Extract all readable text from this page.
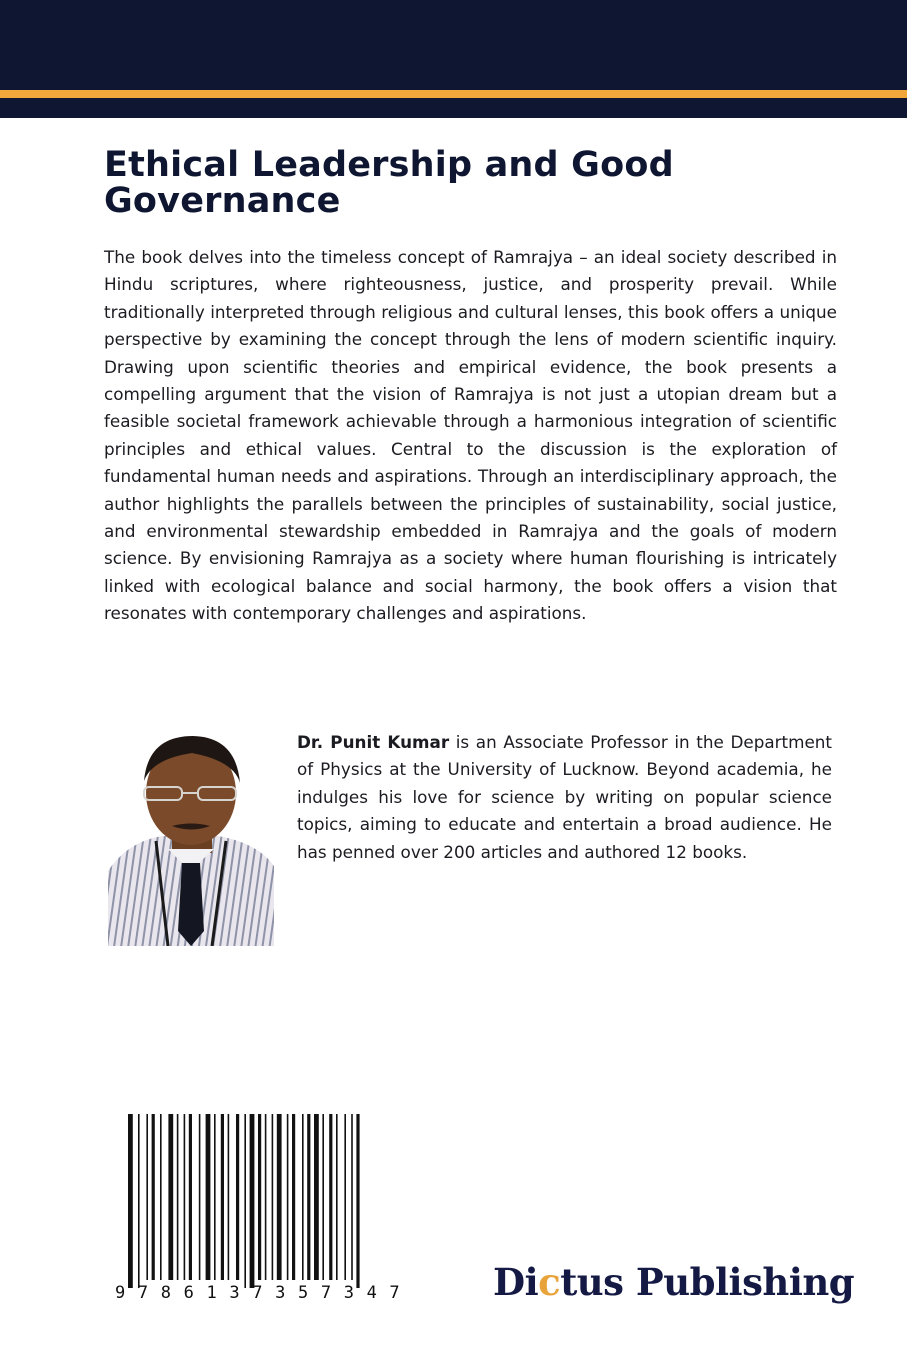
Ethical Leadership and Good
Governance

The book delves into the timeless concept of Ramrajya – an ideal society described in Hindu scriptures, where righteousness, justice, and prosperity prevail. While traditionally interpreted through religious and cultural lenses, this book offers a unique perspective by examining the concept through the lens of modern scientific inquiry. Drawing upon scientific theories and empirical evidence, the book presents a compelling argument that the vision of Ramrajya is not just a utopian dream but a feasible societal framework achievable through a harmonious integration of scientific principles and ethical values. Central to the discussion is the exploration of fundamental human needs and aspirations. Through an interdisciplinary approach, the author highlights the parallels between the principles of sustainability, social justice, and environmental stewardship embedded in Ramrajya and the goals of modern science. By envisioning Ramrajya as a society where human flourishing is intricately linked with ecological balance and social harmony, the book offers a vision that resonates with contemporary challenges and aspirations.

Dr. Punit Kumar is an Associate Professor in the Department of Physics at the University of Lucknow. Beyond academia, he indulges his love for science by writing on popular science topics, aiming to educate and entertain a broad audience. He has penned over 200 articles and authored 12 books.

9 7 8 6 1 3 7 3 5 7 3 4 7 Dictus Publishing
